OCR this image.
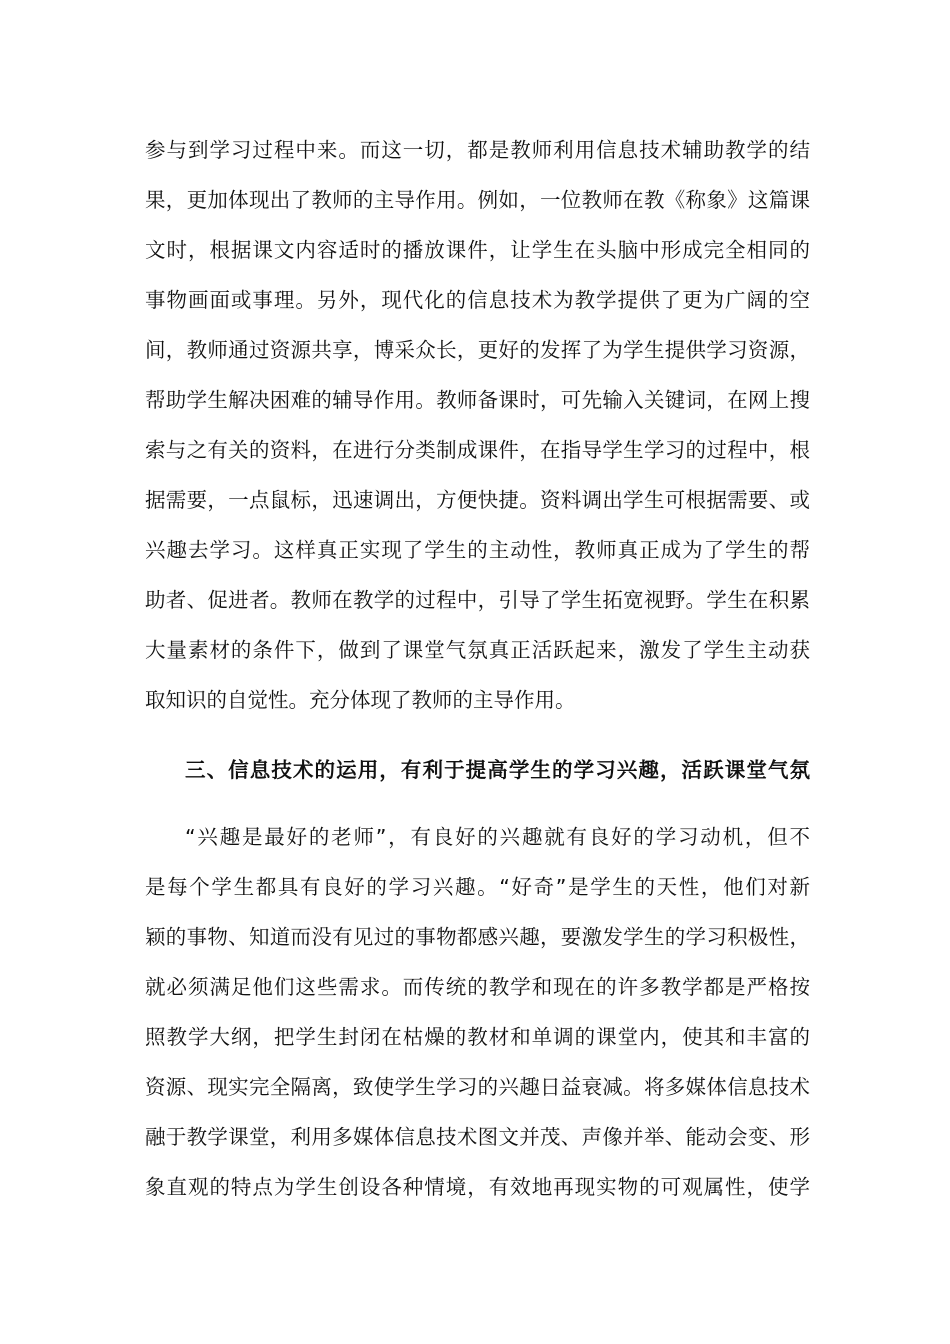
参与到学习过程中来。而这一切，都是教师利用信息技术辅助教学的结
果，更加体现出了教师的主导作用。例如，一位教师在教《称象》这篇课
文时，根据课文内容适时的播放课件，让学生在头脑中形成完全相同的
事物画面或事理。另外，现代化的信息技术为教学提供了更为广阔的空
间，教师通过资源共享，博采众长，更好的发挥了为学生提供学习资源，
帮助学生解决困难的辅导作用。教师备课时，可先输入关键词，在网上搜
索与之有关的资料，在进行分类制成课件，在指导学生学习的过程中，根
据需要，一点鼠标，迅速调出，方便快捷。资料调出学生可根据需要、或
兴趣去学习。这样真正实现了学生的主动性，教师真正成为了学生的帮
助者、促进者。教师在教学的过程中，引导了学生拓宽视野。学生在积累
大量素材的条件下，做到了课堂气氛真正活跃起来，激发了学生主动获
取知识的自觉性。充分体现了教师的主导作用。
三、信息技术的运用，有利于提高学生的学习兴趣，活跃课堂气氛
“兴趣是最好的老师”，有良好的兴趣就有良好的学习动机，但不
是每个学生都具有良好的学习兴趣。“好奇”是学生的天性，他们对新
颖的事物、知道而没有见过的事物都感兴趣，要激发学生的学习积极性，
就必须满足他们这些需求。而传统的教学和现在的许多教学都是严格按
照教学大纲，把学生封闭在枯燥的教材和单调的课堂内，使其和丰富的
资源、现实完全隔离，致使学生学习的兴趣日益衰减。将多媒体信息技术
融于教学课堂，利用多媒体信息技术图文并茂、声像并举、能动会变、形
象直观的特点为学生创设各种情境，有效地再现实物的可观属性，使学
